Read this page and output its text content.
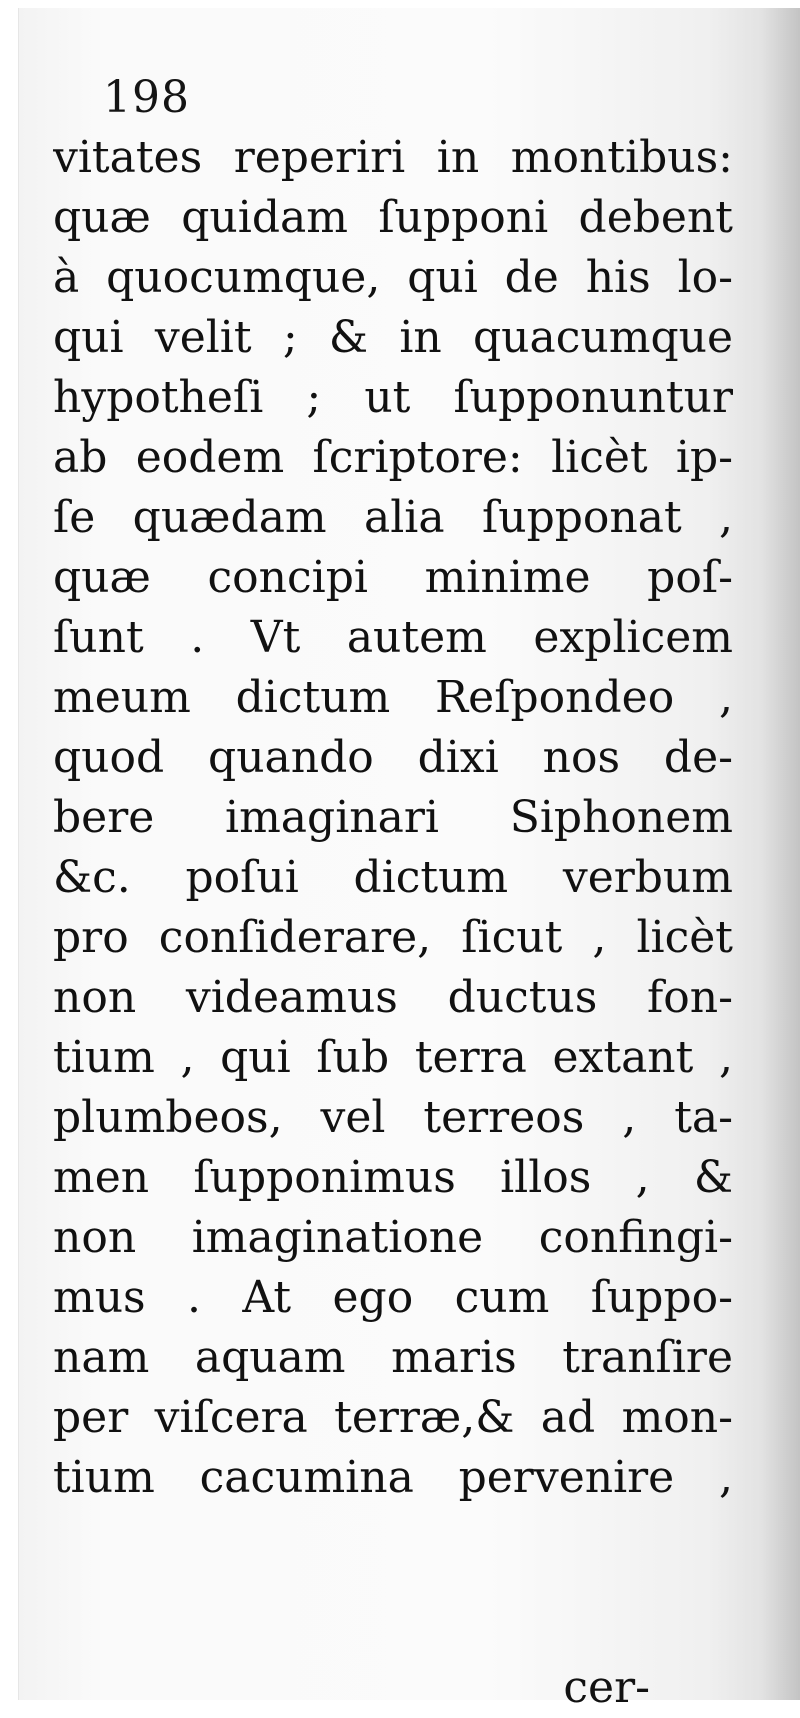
198
vitates reperiri in montibus:
quæ quidam ſupponi debent
à quocumque, qui de his lo-
qui velit ; & in quacumque
hypotheſi ; ut ſupponuntur
ab eodem ſcriptore: licèt ip-
ſe quædam alia ſupponat ,
quæ concipi minime poſ-
ſunt . Vt autem explicem
meum dictum Reſpondeo ,
quod quando dixi nos de-
bere imaginari Siphonem
&c. poſui dictum verbum
pro conſiderare, ſicut , licèt
non videamus ductus fon-
tium , qui ſub terra extant ,
plumbeos, vel terreos , ta-
men ſupponimus illos , &
non imaginatione confingi-
mus . At ego cum ſuppo-
nam aquam maris tranſire
per viſcera terræ,& ad mon-
tium cacumina pervenire ,
cer-
